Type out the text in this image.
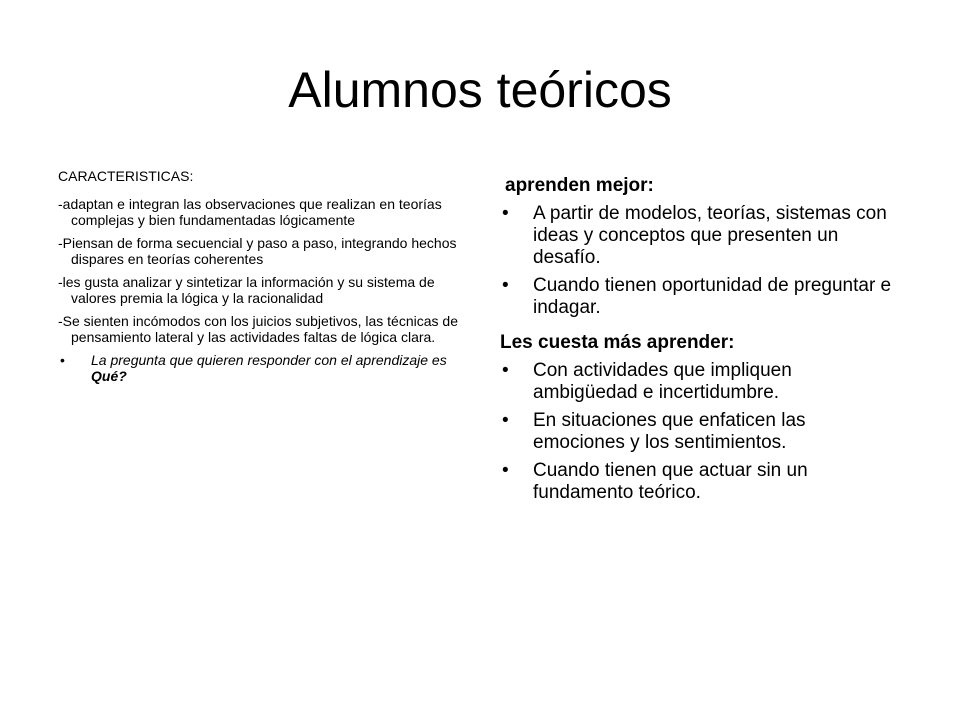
Alumnos teóricos
CARACTERISTICAS:
-adaptan e integran las observaciones que realizan en teorías complejas y bien fundamentadas lógicamente
-Piensan de forma secuencial y paso a paso, integrando hechos dispares en teorías coherentes
-les gusta analizar y sintetizar la información y su sistema de valores premia la lógica y la racionalidad
-Se sienten incómodos con los juicios subjetivos, las técnicas de pensamiento lateral y las actividades faltas de lógica clara.
• La pregunta que quieren responder con el aprendizaje es Qué?
aprenden mejor:
• A partir de modelos, teorías, sistemas con ideas y conceptos que presenten un desafío.
• Cuando tienen oportunidad de preguntar e indagar.
Les cuesta más aprender:
• Con actividades que impliquen ambigüedad e incertidumbre.
• En situaciones que enfaticen las emociones y los sentimientos.
• Cuando tienen que actuar sin un fundamento teórico.
